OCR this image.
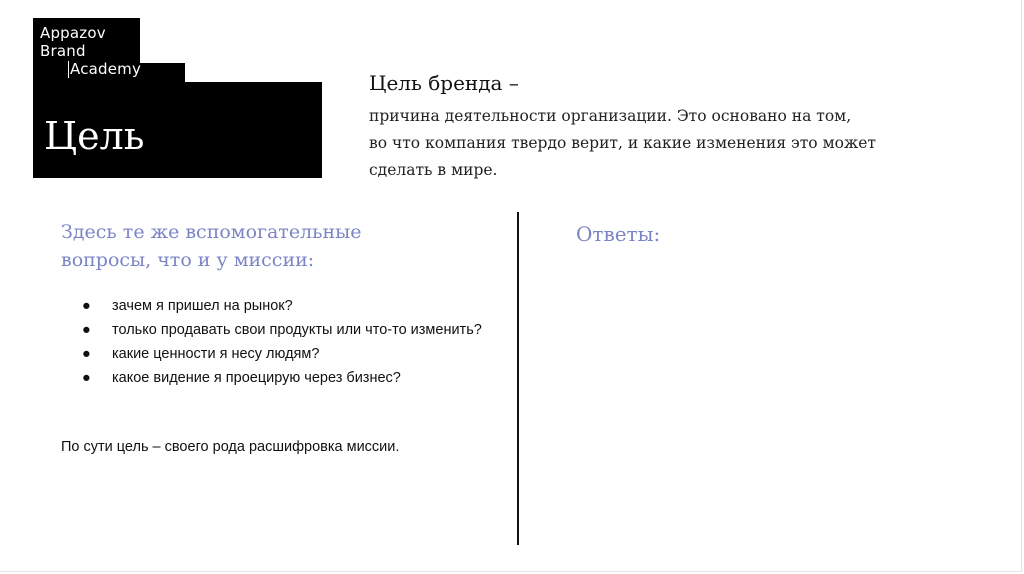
Appazov
Brand
Academy
Цель
Цель бренда –
причина деятельности организации. Это основано на том,
во что компания твердо верит, и какие изменения это может
сделать в мире.
Здесь те же вспомогательные
вопросы, что и у миссии:
● зачем я пришел на рынок?
● только продавать свои продукты или что-то изменить?
● какие ценности я несу людям?
● какое видение я проецирую через бизнес?
По сути цель – своего рода расшифровка миссии.
Ответы:
